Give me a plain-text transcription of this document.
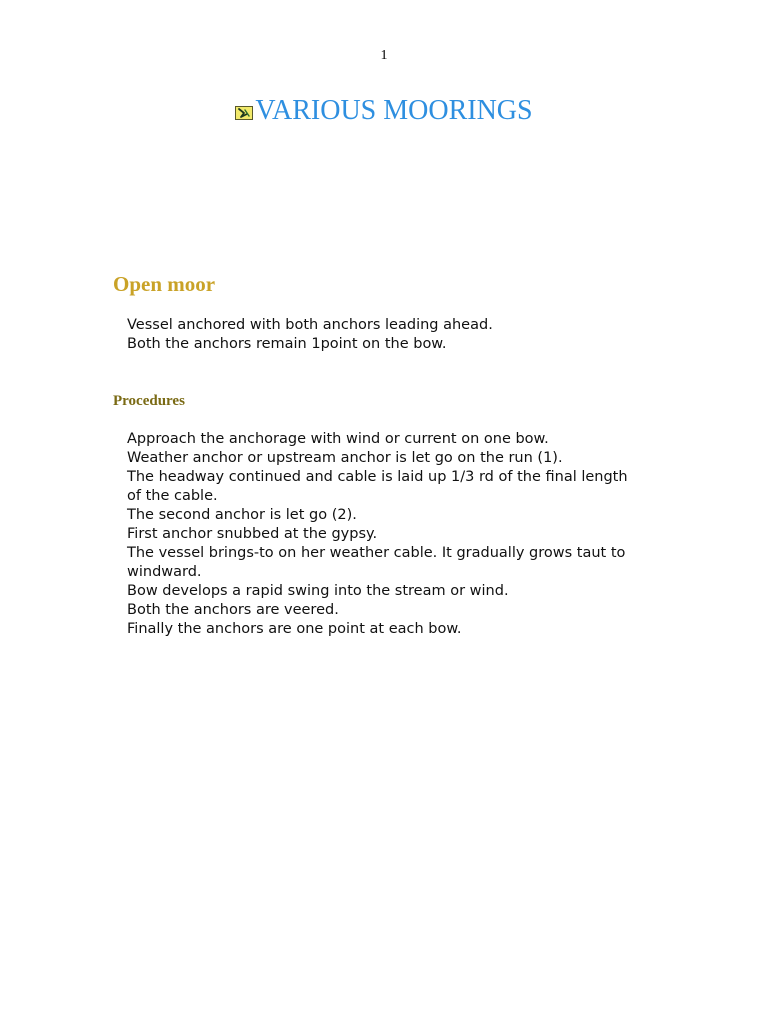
1
VARIOUS MOORINGS
Open moor
Vessel anchored with both anchors leading ahead.
Both the anchors remain 1point on the bow.
Procedures
Approach the anchorage with wind or current on one bow.
Weather anchor or upstream anchor is let go on the run (1).
The headway continued and cable is laid up 1/3 rd of the final length
of the cable.
The second anchor is let go (2).
First anchor snubbed at the gypsy.
The vessel brings-to on her weather cable. It gradually grows taut to
windward.
Bow develops a rapid swing into the stream or wind.
Both the anchors are veered.
Finally the anchors are one point at each bow.
